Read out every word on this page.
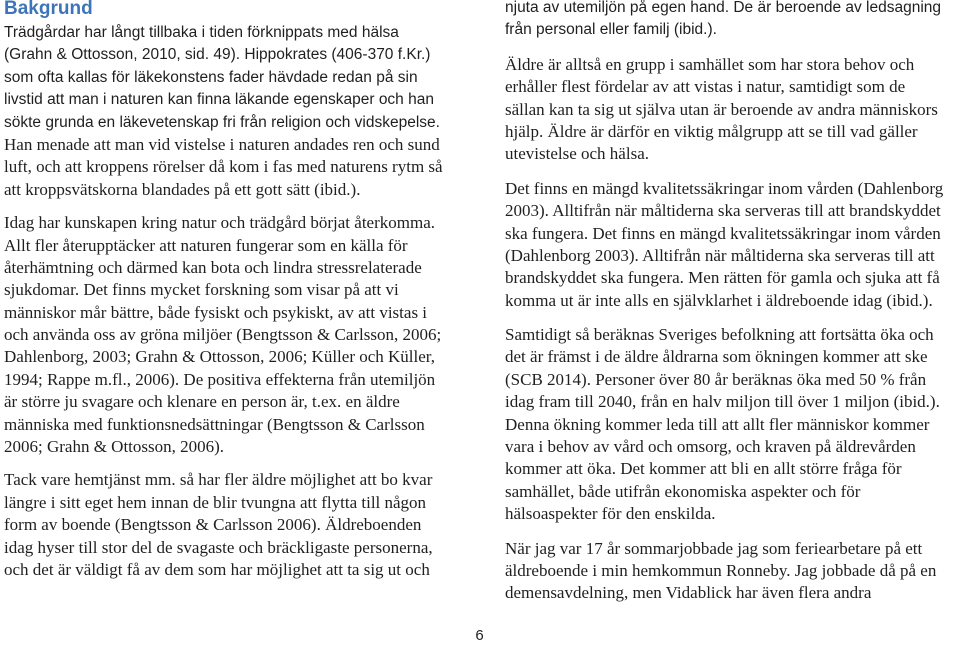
Bakgrund
Trädgårdar har långt tillbaka i tiden förknippats med hälsa
(Grahn & Ottosson, 2010, sid. 49). Hippokrates (406-370 f.Kr.)
som ofta kallas för läkekonstens fader hävdade redan på sin
livstid att man i naturen kan finna läkande egenskaper och han
sökte grunda en läkevetenskap fri från religion och vidskepelse.
Han menade att man vid vistelse i naturen andades ren och sund
luft, och att kroppens rörelser då kom i fas med naturens rytm så
att kroppsvätskorna blandades på ett gott sätt (ibid.).
Idag har kunskapen kring natur och trädgård börjat återkomma.
Allt fler återupptäcker att naturen fungerar som en källa för
återhämtning och därmed kan bota och lindra stressrelaterade
sjukdomar. Det finns mycket forskning som visar på att vi
människor mår bättre, både fysiskt och psykiskt, av att vistas i
och använda oss av gröna miljöer (Bengtsson & Carlsson, 2006;
Dahlenborg, 2003; Grahn & Ottosson, 2006; Küller och Küller,
1994; Rappe m.fl., 2006). De positiva effekterna från utemiljön
är större ju svagare och klenare en person är, t.ex. en äldre
människa med funktionsnedsättningar (Bengtsson & Carlsson
2006; Grahn & Ottosson, 2006).
Tack vare hemtjänst mm. så har fler äldre möjlighet att bo kvar
längre i sitt eget hem innan de blir tvungna att flytta till någon
form av boende (Bengtsson & Carlsson 2006). Äldreboenden
idag hyser till stor del de svagaste och bräckligaste personerna,
och det är väldigt få av dem som har möjlighet att ta sig ut och
njuta av utemiljön på egen hand. De är beroende av ledsagning
från personal eller familj (ibid.).
Äldre är alltså en grupp i samhället som har stora behov och
erhåller flest fördelar av att vistas i natur, samtidigt som de
sällan kan ta sig ut själva utan är beroende av andra människors
hjälp. Äldre är därför en viktig målgrupp att se till vad gäller
utevistelse och hälsa.
Det finns en mängd kvalitetssäkringar inom vården (Dahlenborg
2003). Alltifrån när måltiderna ska serveras till att brandskyddet
ska fungera. Det finns en mängd kvalitetssäkringar inom vården
(Dahlenborg 2003). Alltifrån när måltiderna ska serveras till att
brandskyddet ska fungera. Men rätten för gamla och sjuka att få
komma ut är inte alls en självklarhet i äldreboende idag (ibid.).
Samtidigt så beräknas Sveriges befolkning att fortsätta öka och
det är främst i de äldre åldrarna som ökningen kommer att ske
(SCB 2014). Personer över 80 år beräknas öka med 50 % från
idag fram till 2040, från en halv miljon till över 1 miljon (ibid.).
Denna ökning kommer leda till att allt fler människor kommer
vara i behov av vård och omsorg, och kraven på äldrevården
kommer att öka. Det kommer att bli en allt större fråga för
samhället, både utifrån ekonomiska aspekter och för
hälsoaspekter för den enskilda.
När jag var 17 år sommarjobbade jag som feriearbetare på ett
äldreboende i min hemkommun Ronneby. Jag jobbade då på en
demensavdelning, men Vidablick har även flera andra
6
